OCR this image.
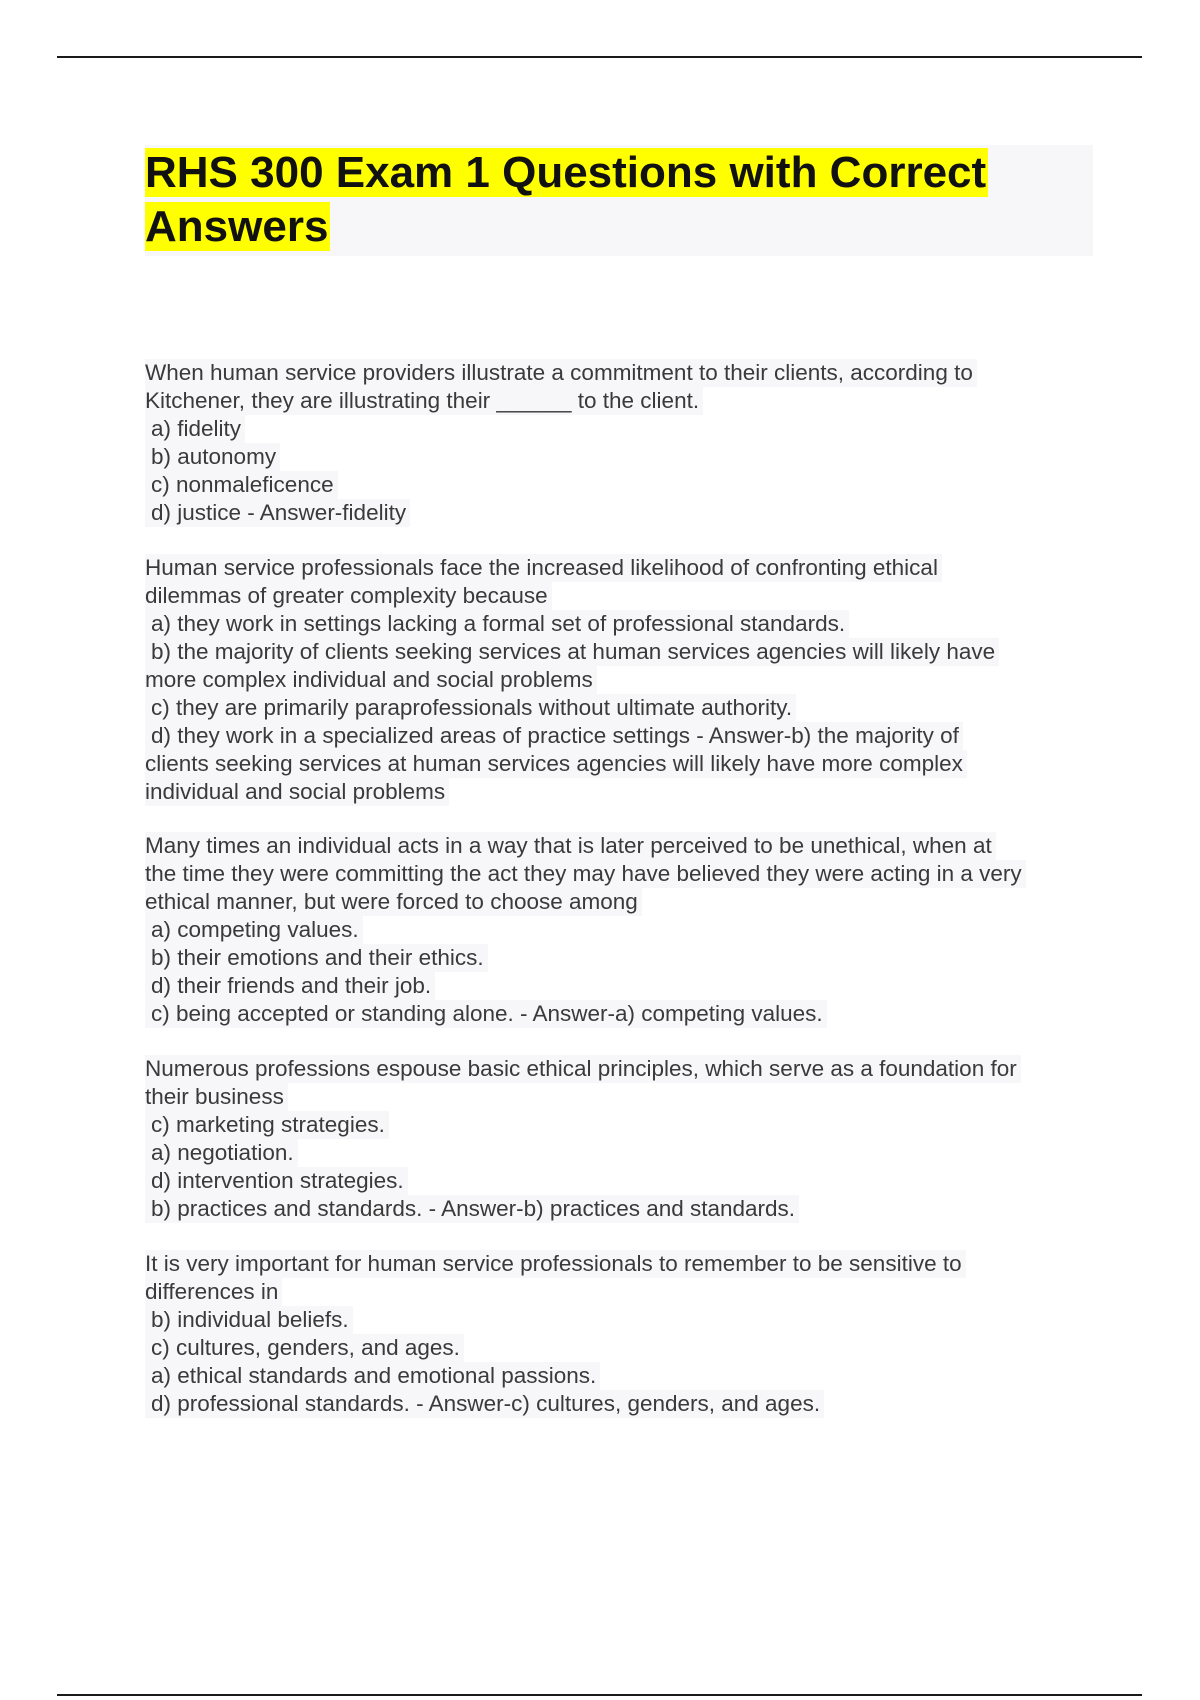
RHS 300 Exam 1 Questions with Correct
Answers
When human service providers illustrate a commitment to their clients, according to
Kitchener, they are illustrating their ______ to the client.
a) fidelity
b) autonomy
c) nonmaleficence
d) justice - Answer-fidelity
Human service professionals face the increased likelihood of confronting ethical
dilemmas of greater complexity because
a) they work in settings lacking a formal set of professional standards.
b) the majority of clients seeking services at human services agencies will likely have
more complex individual and social problems
c) they are primarily paraprofessionals without ultimate authority.
d) they work in a specialized areas of practice settings - Answer-b) the majority of
clients seeking services at human services agencies will likely have more complex
individual and social problems
Many times an individual acts in a way that is later perceived to be unethical, when at
the time they were committing the act they may have believed they were acting in a very
ethical manner, but were forced to choose among
a) competing values.
b) their emotions and their ethics.
d) their friends and their job.
c) being accepted or standing alone. - Answer-a) competing values.
Numerous professions espouse basic ethical principles, which serve as a foundation for
their business
c) marketing strategies.
a) negotiation.
d) intervention strategies.
b) practices and standards. - Answer-b) practices and standards.
It is very important for human service professionals to remember to be sensitive to
differences in
b) individual beliefs.
c) cultures, genders, and ages.
a) ethical standards and emotional passions.
d) professional standards. - Answer-c) cultures, genders, and ages.
